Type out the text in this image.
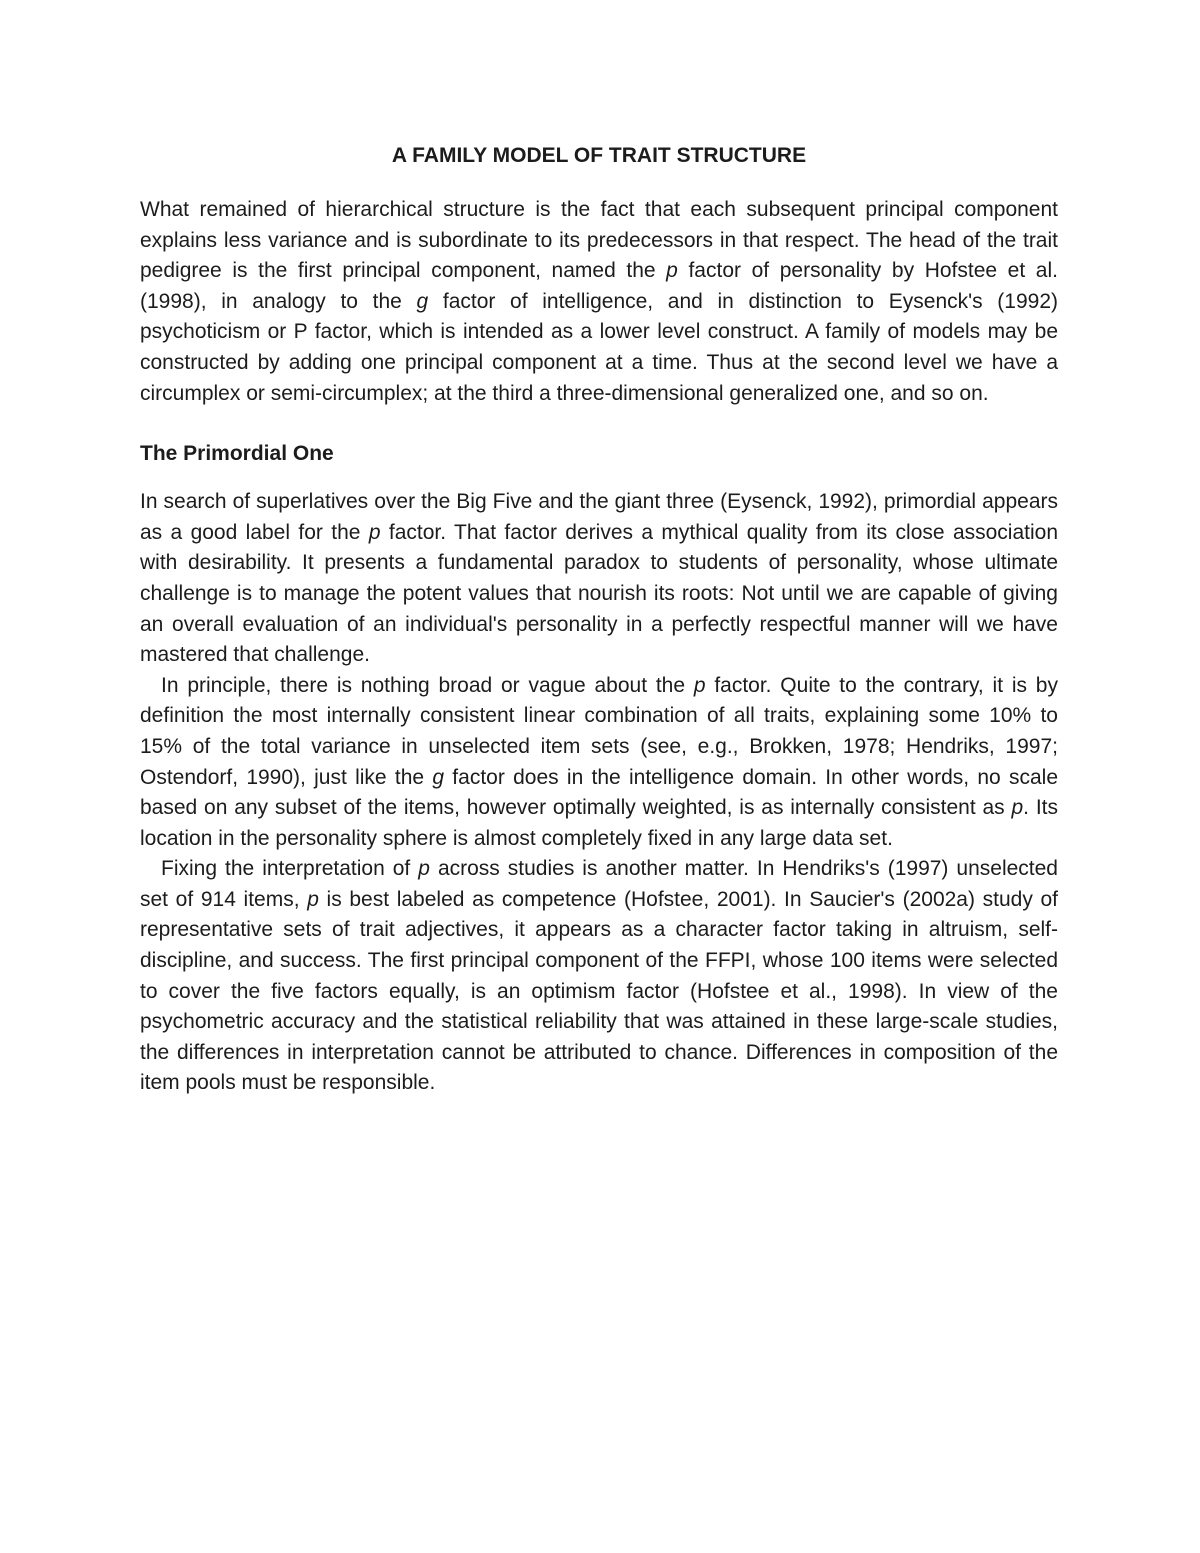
A FAMILY MODEL OF TRAIT STRUCTURE

What remained of hierarchical structure is the fact that each subsequent principal component explains less variance and is subordinate to its predecessors in that respect. The head of the trait pedigree is the first principal component, named the p factor of personality by Hofstee et al. (1998), in analogy to the g factor of intelligence, and in distinction to Eysenck's (1992) psychoticism or P factor, which is intended as a lower level construct. A family of models may be constructed by adding one principal component at a time. Thus at the second level we have a circumplex or semi-circumplex; at the third a three-dimensional generalized one, and so on.

The Primordial One

In search of superlatives over the Big Five and the giant three (Eysenck, 1992), primordial appears as a good label for the p factor. That factor derives a mythical quality from its close association with desirability. It presents a fundamental paradox to students of personality, whose ultimate challenge is to manage the potent values that nourish its roots: Not until we are capable of giving an overall evaluation of an individual's personality in a perfectly respectful manner will we have mastered that challenge.

In principle, there is nothing broad or vague about the p factor. Quite to the contrary, it is by definition the most internally consistent linear combination of all traits, explaining some 10% to 15% of the total variance in unselected item sets (see, e.g., Brokken, 1978; Hendriks, 1997; Ostendorf, 1990), just like the g factor does in the intelligence domain. In other words, no scale based on any subset of the items, however optimally weighted, is as internally consistent as p. Its location in the personality sphere is almost completely fixed in any large data set.

Fixing the interpretation of p across studies is another matter. In Hendriks's (1997) unselected set of 914 items, p is best labeled as competence (Hofstee, 2001). In Saucier's (2002a) study of representative sets of trait adjectives, it appears as a character factor taking in altruism, self-discipline, and success. The first principal component of the FFPI, whose 100 items were selected to cover the five factors equally, is an optimism factor (Hofstee et al., 1998). In view of the psychometric accuracy and the statistical reliability that was attained in these large-scale studies, the differences in interpretation cannot be attributed to chance. Differences in composition of the item pools must be responsible.
